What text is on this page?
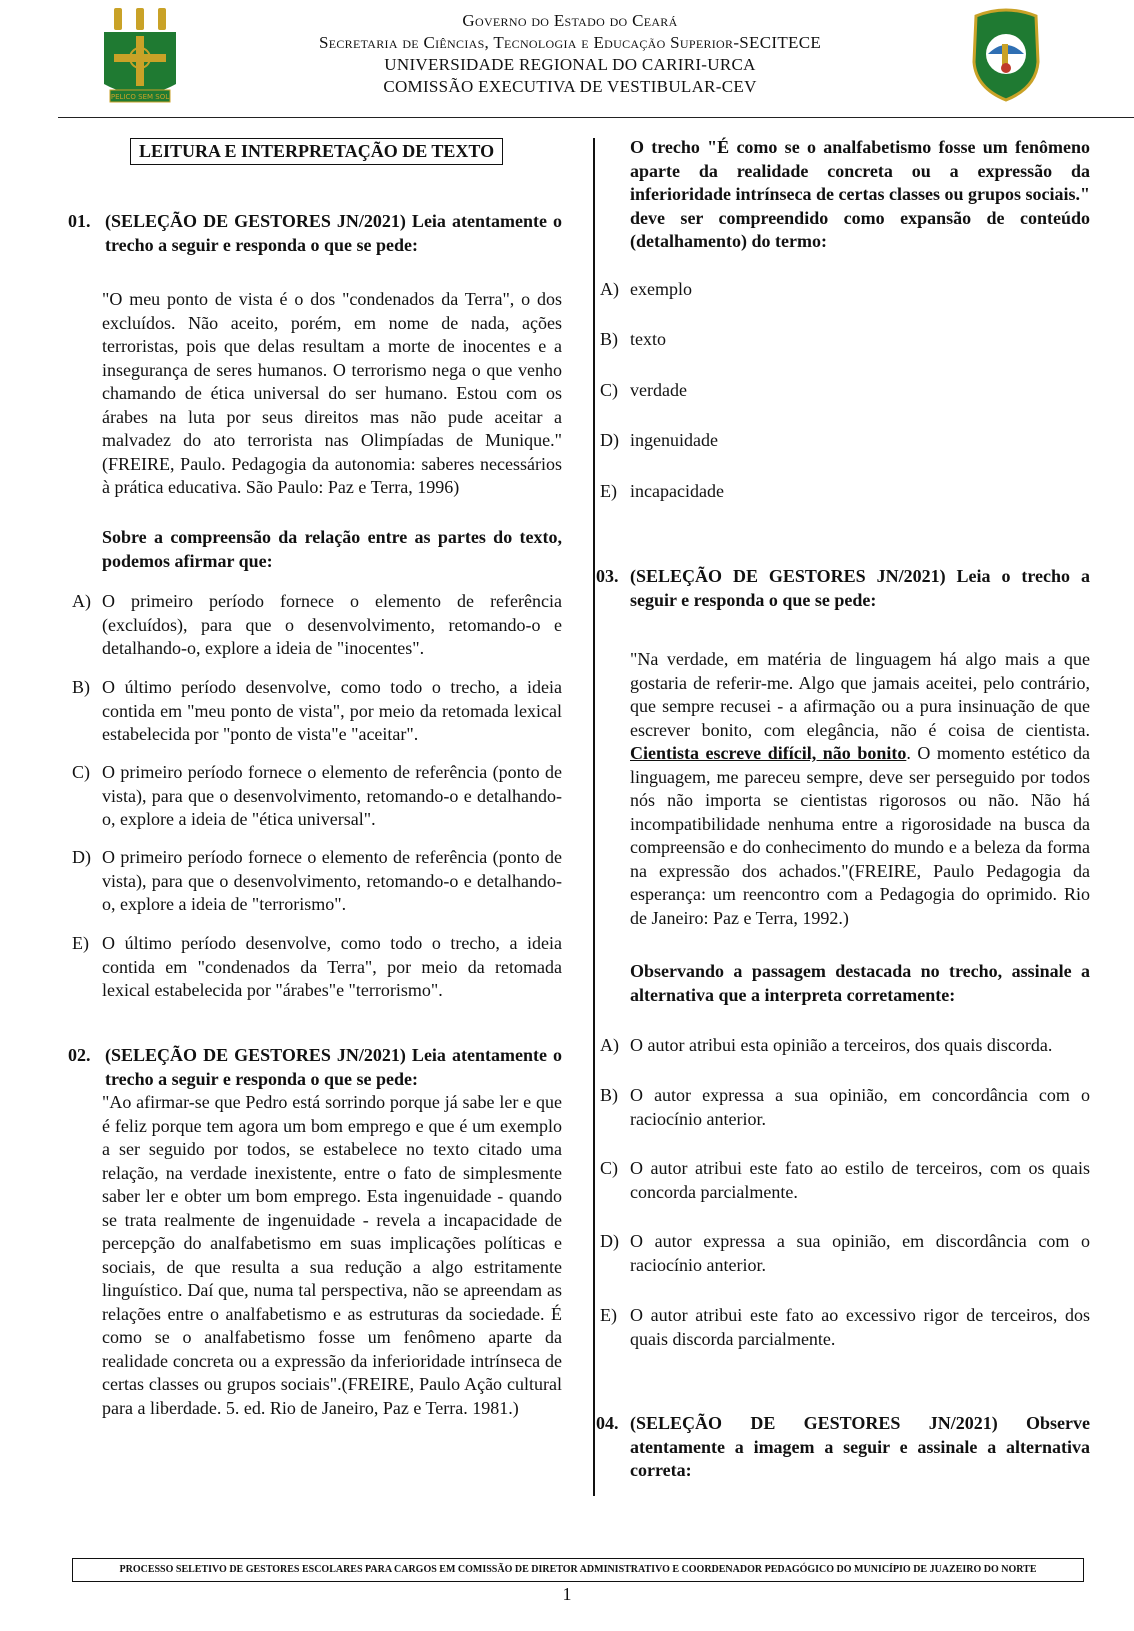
PELICO SEM SOL
Governo do Estado do Ceará
Secretaria de Ciências, Tecnologia e Educação Superior-SECITECE
UNIVERSIDADE REGIONAL DO CARIRI-URCA
COMISSÃO EXECUTIVA DE VESTIBULAR-CEV
LEITURA E INTERPRETAÇÃO DE TEXTO
01. (SELEÇÃO DE GESTORES JN/2021) Leia atentamente o trecho a seguir e responda o que se pede:
"O meu ponto de vista é o dos "condenados da Terra", o dos excluídos. Não aceito, porém, em nome de nada, ações terroristas, pois que delas resultam a morte de inocentes e a insegurança de seres humanos. O terrorismo nega o que venho chamando de ética universal do ser humano. Estou com os árabes na luta por seus direitos mas não pude aceitar a malvadez do ato terrorista nas Olimpíadas de Munique." (FREIRE, Paulo. Pedagogia da autonomia: saberes necessários à prática educativa. São Paulo: Paz e Terra, 1996)
Sobre a compreensão da relação entre as partes do texto, podemos afirmar que:
A) O primeiro período fornece o elemento de referência (excluídos), para que o desenvolvimento, retomando-o e detalhando-o, explore a ideia de "inocentes".
B) O último período desenvolve, como todo o trecho, a ideia contida em "meu ponto de vista", por meio da retomada lexical estabelecida por "ponto de vista"e "aceitar".
C) O primeiro período fornece o elemento de referência (ponto de vista), para que o desenvolvimento, retomando-o e detalhando-o, explore a ideia de "ética universal".
D) O primeiro período fornece o elemento de referência (ponto de vista), para que o desenvolvimento, retomando-o e detalhando-o, explore a ideia de "terrorismo".
E) O último período desenvolve, como todo o trecho, a ideia contida em "condenados da Terra", por meio da retomada lexical estabelecida por "árabes"e "terrorismo".
02. (SELEÇÃO DE GESTORES JN/2021) Leia atentamente o trecho a seguir e responda o que se pede:
"Ao afirmar-se que Pedro está sorrindo porque já sabe ler e que é feliz porque tem agora um bom emprego e que é um exemplo a ser seguido por todos, se estabelece no texto citado uma relação, na verdade inexistente, entre o fato de simplesmente saber ler e obter um bom emprego. Esta ingenuidade - quando se trata realmente de ingenuidade - revela a incapacidade de percepção do analfabetismo em suas implicações políticas e sociais, de que resulta a sua redução a algo estritamente linguístico. Daí que, numa tal perspectiva, não se apreendam as relações entre o analfabetismo e as estruturas da sociedade. É como se o analfabetismo fosse um fenômeno aparte da realidade concreta ou a expressão da inferioridade intrínseca de certas classes ou grupos sociais".(FREIRE, Paulo Ação cultural para a liberdade. 5. ed. Rio de Janeiro, Paz e Terra. 1981.)
O trecho "É como se o analfabetismo fosse um fenômeno aparte da realidade concreta ou a expressão da inferioridade intrínseca de certas classes ou grupos sociais." deve ser compreendido como expansão de conteúdo (detalhamento) do termo:
A) exemplo
B) texto
C) verdade
D) ingenuidade
E) incapacidade
03. (SELEÇÃO DE GESTORES JN/2021) Leia o trecho a seguir e responda o que se pede:
"Na verdade, em matéria de linguagem há algo mais a que gostaria de referir-me. Algo que jamais aceitei, pelo contrário, que sempre recusei - a afirmação ou a pura insinuação de que escrever bonito, com elegância, não é coisa de cientista. Cientista escreve difícil, não bonito. O momento estético da linguagem, me pareceu sempre, deve ser perseguido por todos nós não importa se cientistas rigorosos ou não. Não há incompatibilidade nenhuma entre a rigorosidade na busca da compreensão e do conhecimento do mundo e a beleza da forma na expressão dos achados."(FREIRE, Paulo Pedagogia da esperança: um reencontro com a Pedagogia do oprimido. Rio de Janeiro: Paz e Terra, 1992.)
Observando a passagem destacada no trecho, assinale a alternativa que a interpreta corretamente:
A) O autor atribui esta opinião a terceiros, dos quais discorda.
B) O autor expressa a sua opinião, em concordância com o raciocínio anterior.
C) O autor atribui este fato ao estilo de terceiros, com os quais concorda parcialmente.
D) O autor expressa a sua opinião, em discordância com o raciocínio anterior.
E) O autor atribui este fato ao excessivo rigor de terceiros, dos quais discorda parcialmente.
04. (SELEÇÃO DE GESTORES JN/2021) Observe atentamente a imagem a seguir e assinale a alternativa correta:
PROCESSO SELETIVO DE GESTORES ESCOLARES PARA CARGOS EM COMISSÃO DE DIRETOR ADMINISTRATIVO E COORDENADOR PEDAGÓGICO DO MUNICÍPIO DE JUAZEIRO DO NORTE
1
